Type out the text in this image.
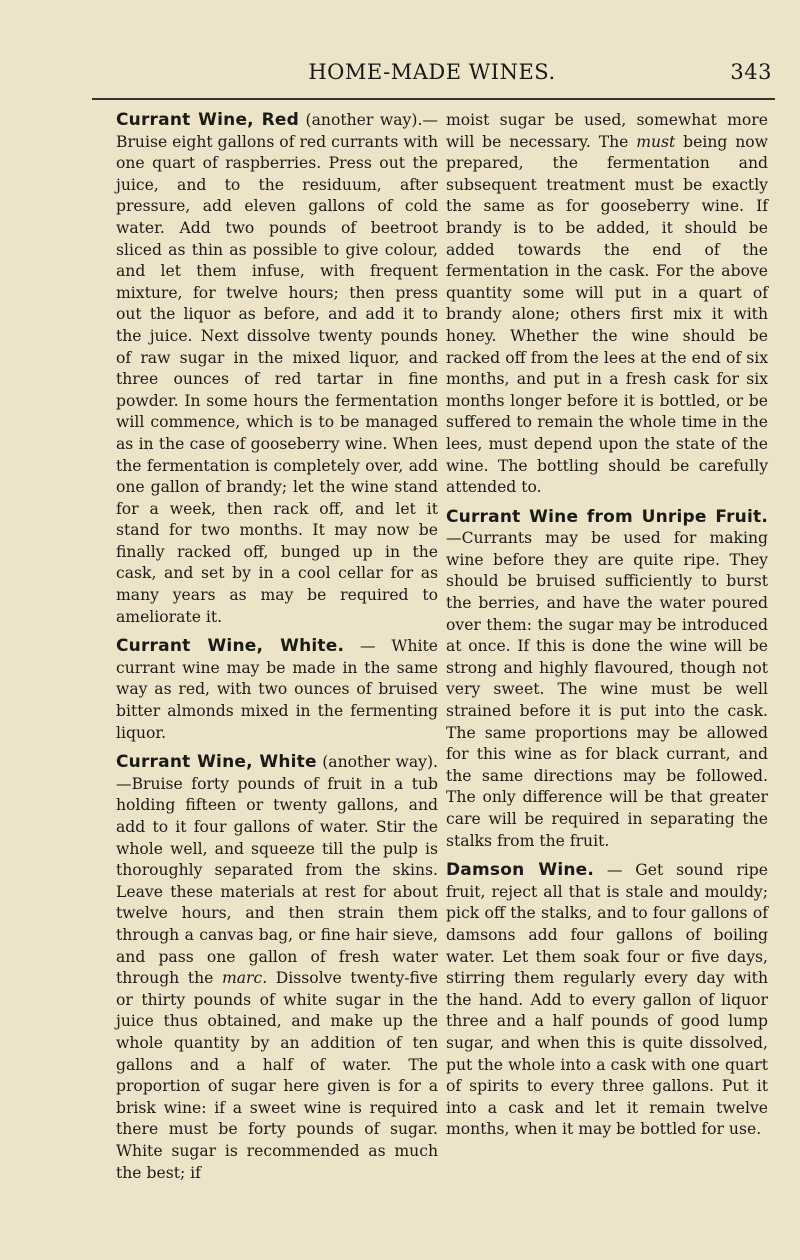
HOME-MADE WINES.	343

Currant Wine, Red (another way).—Bruise eight gallons of red currants with one quart of raspberries. Press out the juice, and to the residuum, after pressure, add eleven gallons of cold water. Add two pounds of beetroot sliced as thin as possible to give colour, and let them infuse, with frequent mixture, for twelve hours; then press out the liquor as before, and add it to the juice. Next dissolve twenty pounds of raw sugar in the mixed liquor, and three ounces of red tartar in fine powder. In some hours the fermentation will commence, which is to be managed as in the case of gooseberry wine. When the fermentation is completely over, add one gallon of brandy; let the wine stand for a week, then rack off, and let it stand for two months. It may now be finally racked off, bunged up in the cask, and set by in a cool cellar for as many years as may be required to ameliorate it.

Currant Wine, White. — White currant wine may be made in the same way as red, with two ounces of bruised bitter almonds mixed in the fermenting liquor.

Currant Wine, White (another way).—Bruise forty pounds of fruit in a tub holding fifteen or twenty gallons, and add to it four gallons of water. Stir the whole well, and squeeze till the pulp is thoroughly separated from the skins. Leave these materials at rest for about twelve hours, and then strain them through a canvas bag, or fine hair sieve, and pass one gallon of fresh water through the marc. Dissolve twenty-five or thirty pounds of white sugar in the juice thus obtained, and make up the whole quantity by an addition of ten gallons and a half of water. The proportion of sugar here given is for a brisk wine: if a sweet wine is required there must be forty pounds of sugar. White sugar is recommended as much the best; if

moist sugar be used, somewhat more will be necessary. The must being now prepared, the fermentation and subsequent treatment must be exactly the same as for gooseberry wine. If brandy is to be added, it should be added towards the end of the fermentation in the cask. For the above quantity some will put in a quart of brandy alone; others first mix it with honey. Whether the wine should be racked off from the lees at the end of six months, and put in a fresh cask for six months longer before it is bottled, or be suffered to remain the whole time in the lees, must depend upon the state of the wine. The bottling should be carefully attended to.

Currant Wine from Unripe Fruit.—Currants may be used for making wine before they are quite ripe. They should be bruised sufficiently to burst the berries, and have the water poured over them: the sugar may be introduced at once. If this is done the wine will be strong and highly flavoured, though not very sweet. The wine must be well strained before it is put into the cask. The same proportions may be allowed for this wine as for black currant, and the same directions may be followed. The only difference will be that greater care will be required in separating the stalks from the fruit.

Damson Wine. — Get sound ripe fruit, reject all that is stale and mouldy; pick off the stalks, and to four gallons of damsons add four gallons of boiling water. Let them soak four or five days, stirring them regularly every day with the hand. Add to every gallon of liquor three and a half pounds of good lump sugar, and when this is quite dissolved, put the whole into a cask with one quart of spirits to every three gallons. Put it into a cask and let it remain twelve months, when it may be bottled for use.
